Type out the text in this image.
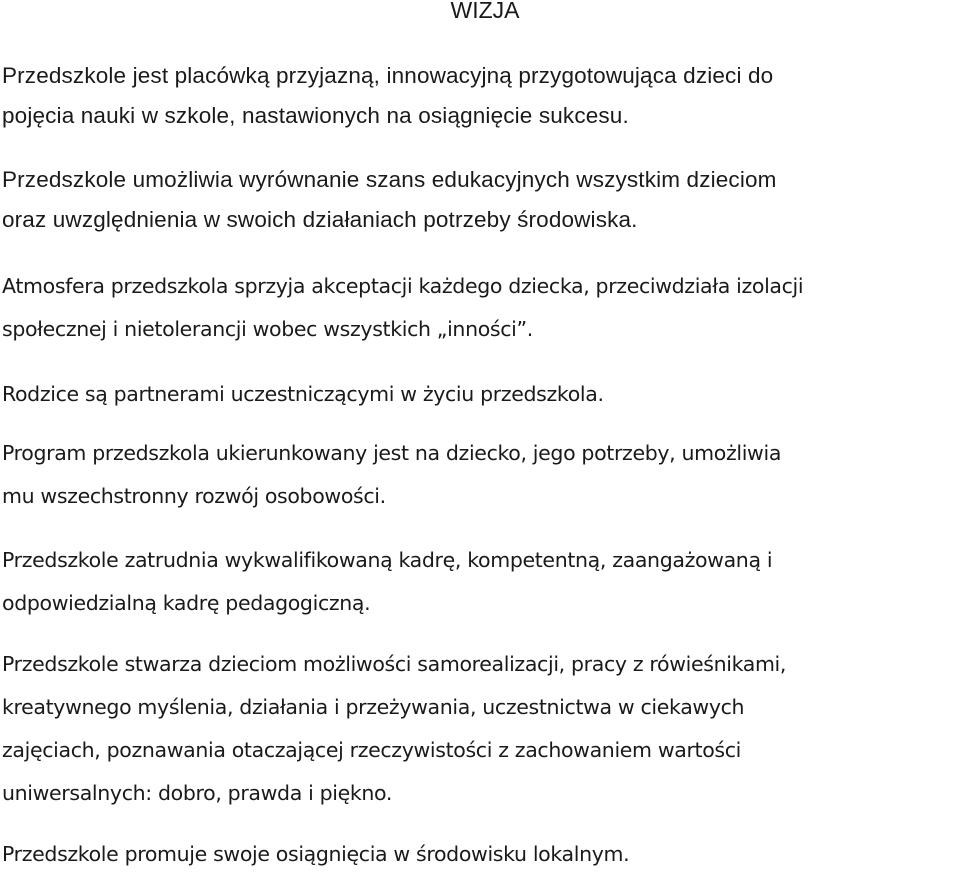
WIZJA

Przedszkole jest placówką przyjazną, innowacyjną przygotowująca dzieci do
pojęcia nauki w szkole, nastawionych na osiągnięcie sukcesu.

Przedszkole umożliwia wyrównanie szans edukacyjnych wszystkim dzieciom
oraz uwzględnienia w swoich działaniach potrzeby środowiska.

Atmosfera przedszkola sprzyja akceptacji każdego dziecka, przeciwdziała izolacji
społecznej i nietolerancji wobec wszystkich „inności”.

Rodzice są partnerami uczestniczącymi w życiu przedszkola.

Program przedszkola ukierunkowany jest na dziecko, jego potrzeby, umożliwia
mu wszechstronny rozwój osobowości.

Przedszkole zatrudnia wykwalifikowaną kadrę, kompetentną, zaangażowaną i
odpowiedzialną kadrę pedagogiczną.

Przedszkole stwarza dzieciom możliwości samorealizacji, pracy z rówieśnikami,
kreatywnego myślenia, działania i przeżywania, uczestnictwa w ciekawych
zajęciach, poznawania otaczającej rzeczywistości z zachowaniem wartości
uniwersalnych: dobro, prawda i piękno.

Przedszkole promuje swoje osiągnięcia w środowisku lokalnym.
